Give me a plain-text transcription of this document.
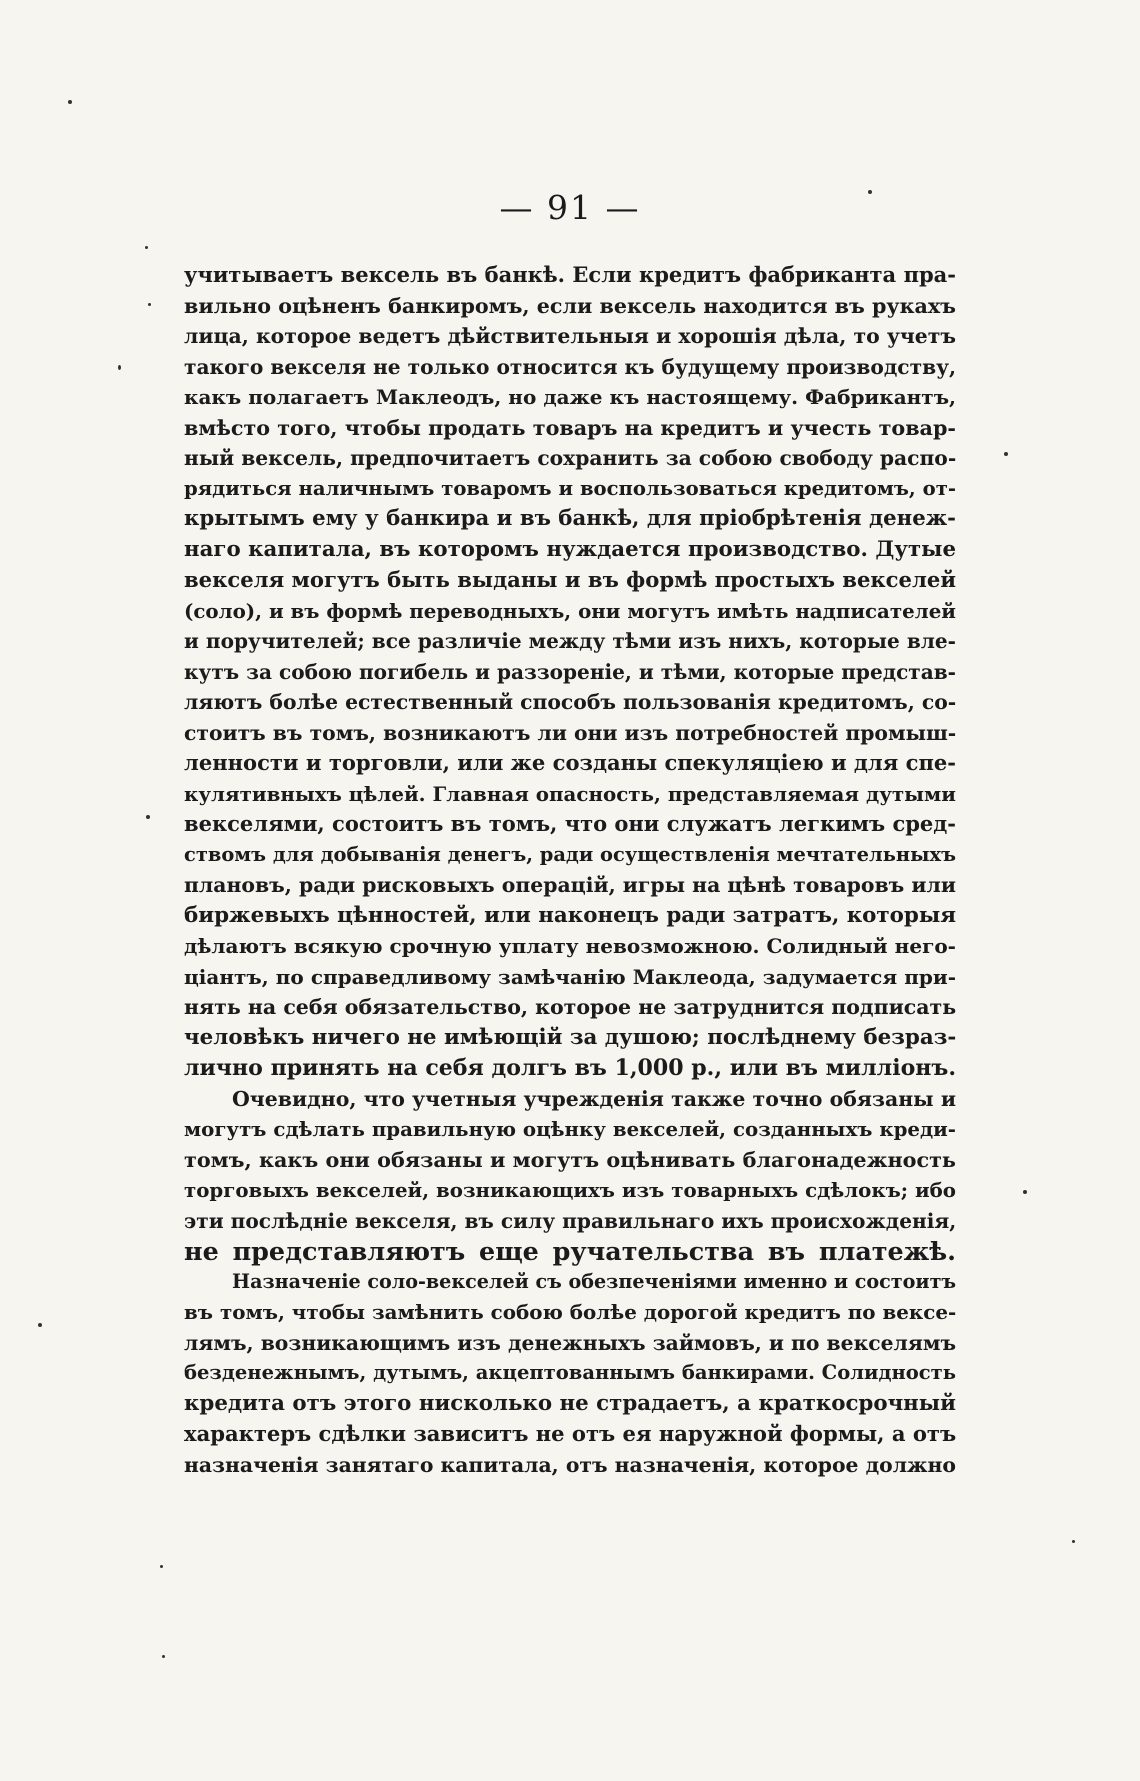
— 91 —
учитываетъ вексель въ банкѣ. Если кредитъ фабриканта пра-
вильно оцѣненъ банкиромъ, если вексель находится въ рукахъ
лица, которое ведетъ дѣйствительныя и хорошія дѣла, то учетъ
такого векселя не только относится къ будущему производству,
какъ полагаетъ Маклеодъ, но даже къ настоящему. Фабрикантъ,
вмѣсто того, чтобы продать товаръ на кредитъ и учесть товар-
ный вексель, предпочитаетъ сохранить за собою свободу распо-
рядиться наличнымъ товаромъ и воспользоваться кредитомъ, от-
крытымъ ему у банкира и въ банкѣ, для пріобрѣтенія денеж-
наго капитала, въ которомъ нуждается производство. Дутые
векселя могутъ быть выданы и въ формѣ простыхъ векселей
(соло), и въ формѣ переводныхъ, они могутъ имѣть надписателей
и поручителей; все различіе между тѣми изъ нихъ, которые вле-
кутъ за собою погибель и раззореніе, и тѣми, которые представ-
ляютъ болѣе естественный способъ пользованія кредитомъ, со-
стоитъ въ томъ, возникаютъ ли они изъ потребностей промыш-
ленности и торговли, или же созданы спекуляціею и для спе-
кулятивныхъ цѣлей. Главная опасность, представляемая дутыми
векселями, состоитъ въ томъ, что они служатъ легкимъ сред-
ствомъ для добыванія денегъ, ради осуществленія мечтательныхъ
плановъ, ради рисковыхъ операцій, игры на цѣнѣ товаровъ или
биржевыхъ цѣнностей, или наконецъ ради затратъ, которыя
дѣлаютъ всякую срочную уплату невозможною. Солидный него-
ціантъ, по справедливому замѣчанію Маклеода, задумается при-
нять на себя обязательство, которое не затруднится подписать
человѣкъ ничего не имѣющій за душою; послѣднему безраз-
лично принять на себя долгъ въ 1,000 р., или въ милліонъ.
Очевидно, что учетныя учрежденія также точно обязаны и
могутъ сдѣлать правильную оцѣнку векселей, созданныхъ креди-
томъ, какъ они обязаны и могутъ оцѣнивать благонадежность
торговыхъ векселей, возникающихъ изъ товарныхъ сдѣлокъ; ибо
эти послѣдніе векселя, въ силу правильнаго ихъ происхожденія,
не представляютъ еще ручательства въ платежѣ.
Назначеніе соло-векселей съ обезпеченіями именно и состоитъ
въ томъ, чтобы замѣнить собою болѣе дорогой кредитъ по вексе-
лямъ, возникающимъ изъ денежныхъ займовъ, и по векселямъ
безденежнымъ, дутымъ, акцептованнымъ банкирами. Солидность
кредита отъ этого нисколько не страдаетъ, а краткосрочный
характеръ сдѣлки зависитъ не отъ ея наружной формы, а отъ
назначенія занятаго капитала, отъ назначенія, которое должно
